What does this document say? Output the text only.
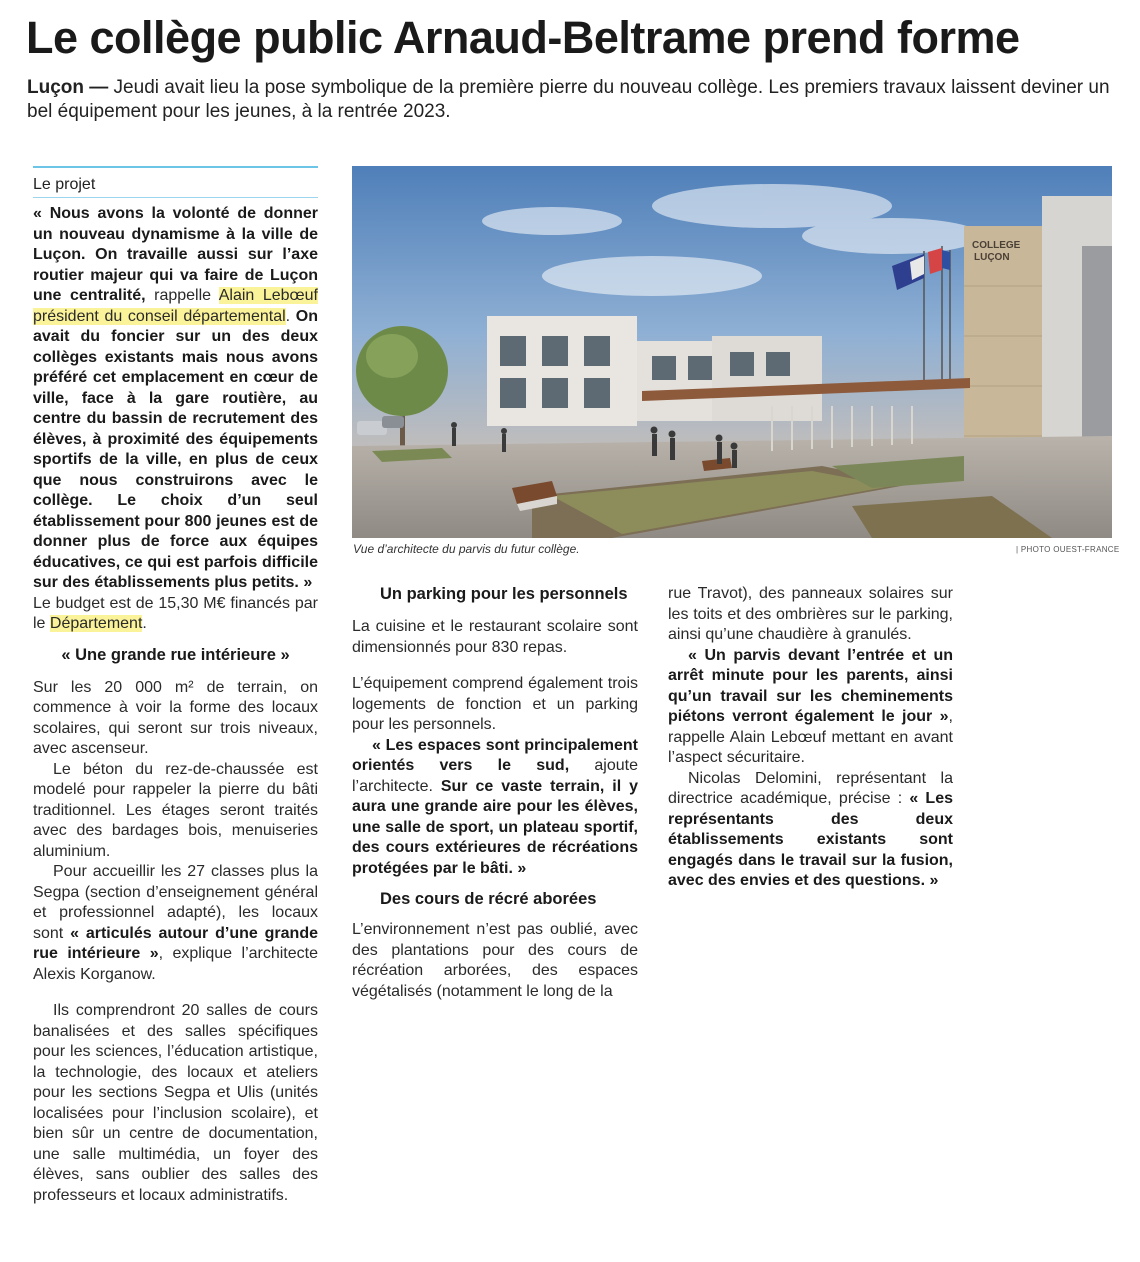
Le collège public Arnaud-Beltrame prend forme
Luçon — Jeudi avait lieu la pose symbolique de la première pierre du nouveau collège. Les premiers travaux laissent deviner un bel équipement pour les jeunes, à la rentrée 2023.
Le projet

« Nous avons la volonté de donner un nouveau dynamisme à la ville de Luçon. On travaille aussi sur l’axe routier majeur qui va faire de Luçon une centralité, rappelle Alain Lebœuf président du conseil départemental. On avait du foncier sur un des deux collèges existants mais nous avons préféré cet emplacement en cœur de ville, face à la gare routière, au centre du bassin de recrutement des élèves, à proximité des équipements sportifs de la ville, en plus de ceux que nous construirons avec le collège. Le choix d’un seul établissement pour 800 jeunes est de donner plus de force aux équipes éducatives, ce qui est parfois difficile sur des établissements plus petits. »

Le budget est de 15,30 M€ financés par le Département.

« Une grande rue intérieure »

Sur les 20 000 m² de terrain, on commence à voir la forme des locaux scolaires, qui seront sur trois niveaux, avec ascenseur.

Le béton du rez-de-chaussée est modelé pour rappeler la pierre du bâti traditionnel. Les étages seront traités avec des bardages bois, menuiseries aluminium.

Pour accueillir les 27 classes plus la Segpa (section d’enseignement général et professionnel adapté), les locaux sont « articulés autour d’une grande rue intérieure », explique l’architecte Alexis Korganow.

Ils comprendront 20 salles de cours banalisées et des salles spécifiques pour les sciences, l’éducation artistique, la technologie, des locaux et ateliers pour les sections Segpa et Ulis (unités localisées pour l’inclusion scolaire), et bien sûr un centre de documentation, une salle multimédia, un foyer des élèves, sans oublier des salles des professeurs et locaux administratifs.

COLLEGE
LUÇON
Vue d’architecte du parvis du futur collège.	| PHOTO OUEST-FRANCE
Un parking pour les personnels

La cuisine et le restaurant scolaire sont dimensionnés pour 830 repas.

L’équipement comprend également trois logements de fonction et un parking pour les personnels.

« Les espaces sont principalement orientés vers le sud, ajoute l’architecte. Sur ce vaste terrain, il y aura une grande aire pour les élèves, une salle de sport, un plateau sportif, des cours extérieures de récréations protégées par le bâti. »

Des cours de récré aborées

L’environnement n’est pas oublié, avec des plantations pour des cours de récréation arborées, des espaces végétalisés (notamment le long de la

rue Travot), des panneaux solaires sur les toits et des ombrières sur le parking, ainsi qu’une chaudière à granulés.

« Un parvis devant l’entrée et un arrêt minute pour les parents, ainsi qu’un travail sur les cheminements piétons verront également le jour », rappelle Alain Lebœuf mettant en avant l’aspect sécuritaire.

Nicolas Delomini, représentant la directrice académique, précise : « Les représentants des deux établissements existants sont engagés dans le travail sur la fusion, avec des envies et des questions. »
